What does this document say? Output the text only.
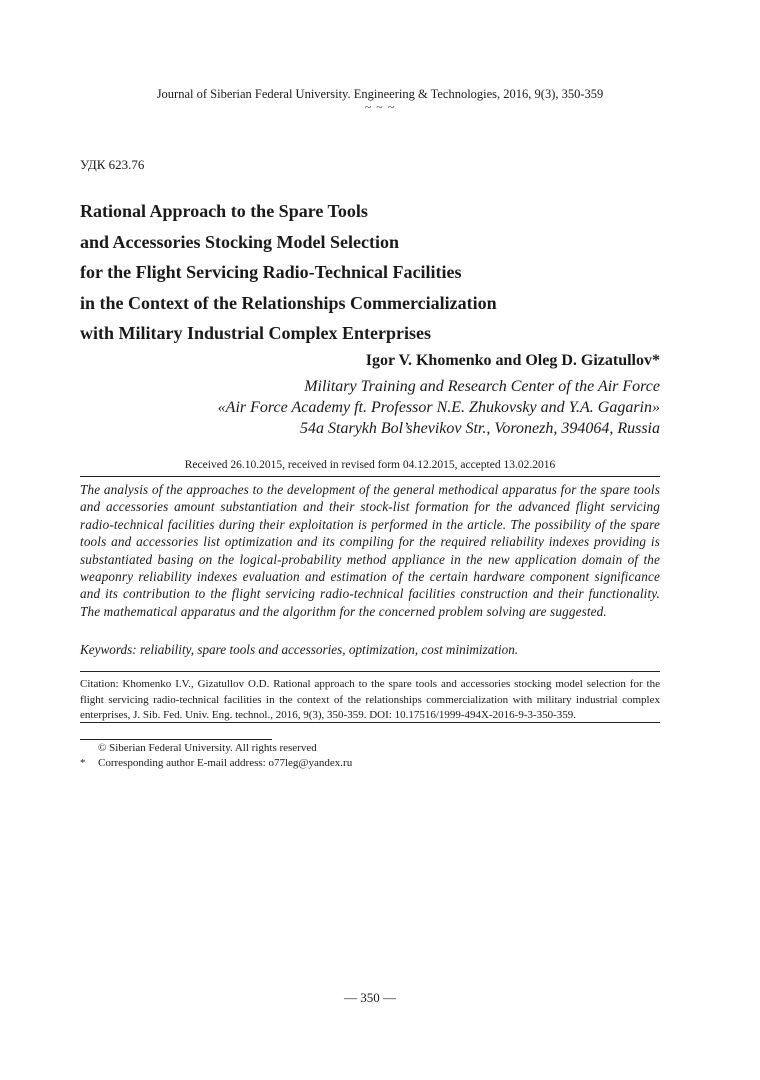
Journal of Siberian Federal University. Engineering & Technologies, 2016, 9(3), 350-359
~ ~ ~
УДК 623.76
Rational Approach to the Spare Tools
and Accessories Stocking Model Selection
for the Flight Servicing Radio-Technical Facilities
in the Context of the Relationships Commercialization
with Military Industrial Complex Enterprises
Igor V. Khomenko and Oleg D. Gizatullov*
Military Training and Research Center of the Air Force
«Air Force Academy ft. Professor N.E. Zhukovsky and Y.A. Gagarin»
54a Starykh Bol’shevikov Str., Voronezh, 394064, Russia
Received 26.10.2015, received in revised form 04.12.2015, accepted 13.02.2016
The analysis of the approaches to the development of the general methodical apparatus for the spare tools and accessories amount substantiation and their stock-list formation for the advanced flight servicing radio-technical facilities during their exploitation is performed in the article. The possibility of the spare tools and accessories list optimization and its compiling for the required reliability indexes providing is substantiated basing on the logical-probability method appliance in the new application domain of the weaponry reliability indexes evaluation and estimation of the certain hardware component significance and its contribution to the flight servicing radio-technical facilities construction and their functionality. The mathematical apparatus and the algorithm for the concerned problem solving are suggested.
Keywords: reliability, spare tools and accessories, optimization, cost minimization.
Citation: Khomenko I.V., Gizatullov O.D. Rational approach to the spare tools and accessories stocking model selection for the flight servicing radio-technical facilities in the context of the relationships commercialization with military industrial complex enterprises, J. Sib. Fed. Univ. Eng. technol., 2016, 9(3), 350-359. DOI: 10.17516/1999-494X-2016-9-3-350-359.
© Siberian Federal University. All rights reserved
* Corresponding author E-mail address: o77leg@yandex.ru
― 350 ―
